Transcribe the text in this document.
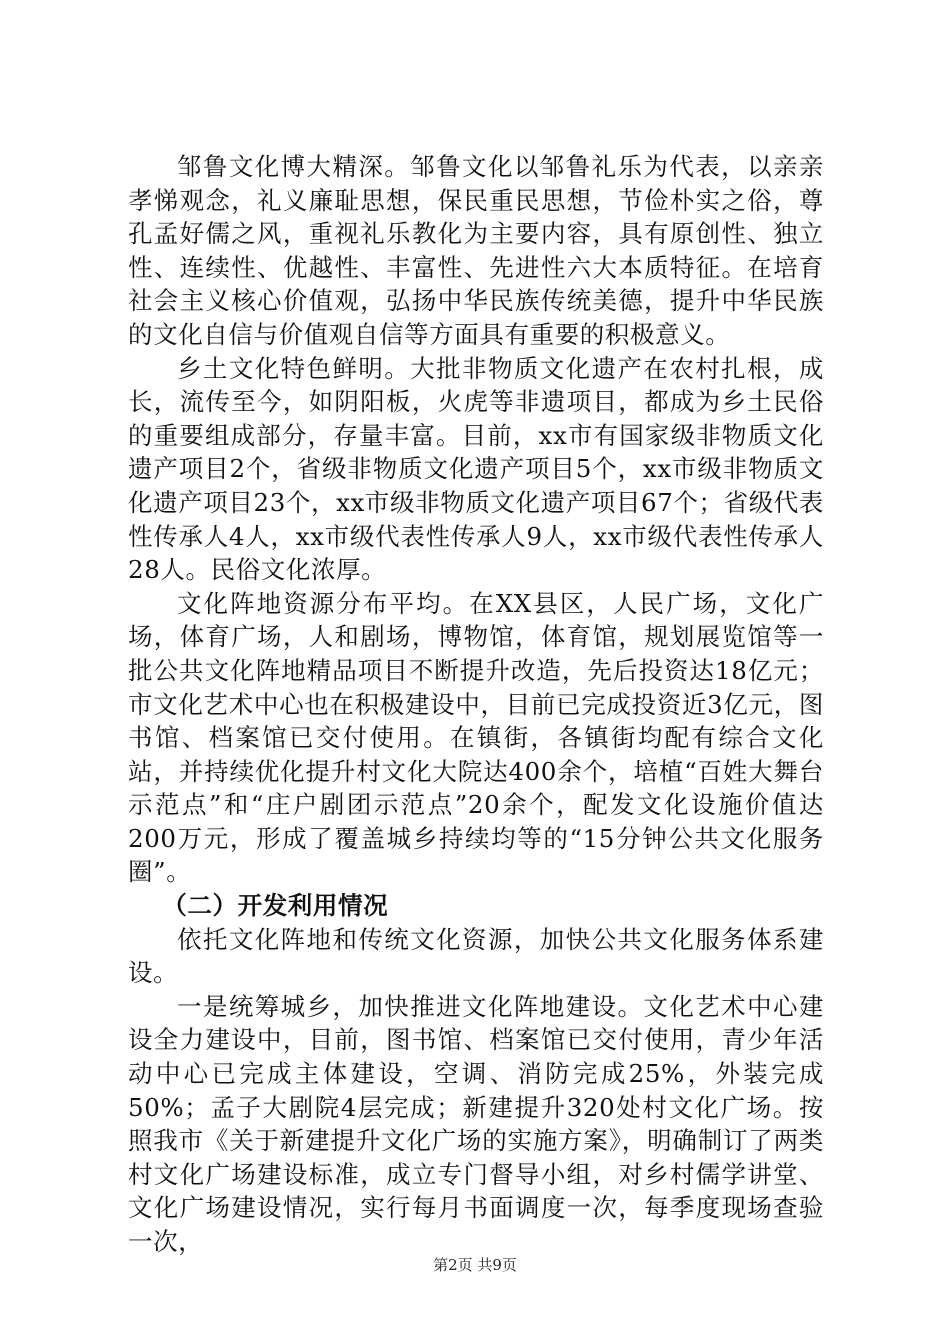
邹鲁文化博大精深。邹鲁文化以邹鲁礼乐为代表，以亲亲孝悌观念，礼义廉耻思想，保民重民思想，节俭朴实之俗，尊孔孟好儒之风，重视礼乐教化为主要内容，具有原创性、独立性、连续性、优越性、丰富性、先进性六大本质特征。在培育社会主义核心价值观，弘扬中华民族传统美德，提升中华民族的文化自信与价值观自信等方面具有重要的积极意义。

乡土文化特色鲜明。大批非物质文化遗产在农村扎根，成长，流传至今，如阴阳板，火虎等非遗项目，都成为乡土民俗的重要组成部分，存量丰富。目前，xx市有国家级非物质文化遗产项目2个，省级非物质文化遗产项目5个，xx市级非物质文化遗产项目23个，xx市级非物质文化遗产项目67个；省级代表性传承人4人，xx市级代表性传承人9人，xx市级代表性传承人28人。民俗文化浓厚。

文化阵地资源分布平均。在XX县区，人民广场，文化广场，体育广场，人和剧场，博物馆，体育馆，规划展览馆等一批公共文化阵地精品项目不断提升改造，先后投资达18亿元；市文化艺术中心也在积极建设中，目前已完成投资近3亿元，图书馆、档案馆已交付使用。在镇街，各镇街均配有综合文化站，并持续优化提升村文化大院达400余个，培植“百姓大舞台示范点”和“庄户剧团示范点”20余个，配发文化设施价值达200万元，形成了覆盖城乡持续均等的“15分钟公共文化服务圈”。

（二）开发利用情况

依托文化阵地和传统文化资源，加快公共文化服务体系建设。

一是统筹城乡，加快推进文化阵地建设。文化艺术中心建设全力建设中，目前，图书馆、档案馆已交付使用，青少年活动中心已完成主体建设，空调、消防完成25%，外装完成50%；孟子大剧院4层完成；新建提升320处村文化广场。按照我市《关于新建提升文化广场的实施方案》，明确制订了两类村文化广场建设标准，成立专门督导小组，对乡村儒学讲堂、文化广场建设情况，实行每月书面调度一次，每季度现场查验一次，

第2页 共9页
